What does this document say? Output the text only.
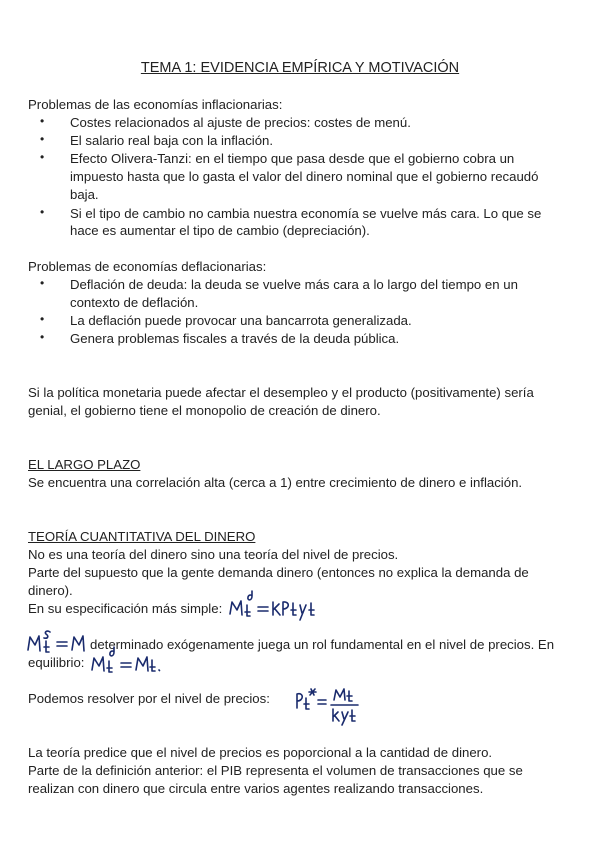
TEMA 1: EVIDENCIA EMPÍRICA Y MOTIVACIÓN
Problemas de las economías inflacionarias:
• Costes relacionados al ajuste de precios: costes de menú.
• El salario real baja con la inflación.
• Efecto Olivera-Tanzi: en el tiempo que pasa desde que el gobierno cobra un
impuesto hasta que lo gasta el valor del dinero nominal que el gobierno recaudó
baja.
• Si el tipo de cambio no cambia nuestra economía se vuelve más cara. Lo que se
hace es aumentar el tipo de cambio (depreciación).
Problemas de economías deflacionarias:
• Deflación de deuda: la deuda se vuelve más cara a lo largo del tiempo en un
contexto de deflación.
• La deflación puede provocar una bancarrota generalizada.
• Genera problemas fiscales a través de la deuda pública.
Si la política monetaria puede afectar el desempleo y el producto (positivamente) sería
genial, el gobierno tiene el monopolio de creación de dinero.
EL LARGO PLAZO
Se encuentra una correlación alta (cerca a 1) entre crecimiento de dinero e inflación.
TEORÍA CUANTITATIVA DEL DINERO
No es una teoría del dinero sino una teoría del nivel de precios.
Parte del supuesto que la gente demanda dinero (entonces no explica la demanda de
dinero).
En su especificación más simple:
determinado exógenamente juega un rol fundamental en el nivel de precios. En
equilibrio:
Podemos resolver por el nivel de precios:
La teoría predice que el nivel de precios es poporcional a la cantidad de dinero.
Parte de la definición anterior: el PIB representa el volumen de transacciones que se
realizan con dinero que circula entre varios agentes realizando transacciones.
